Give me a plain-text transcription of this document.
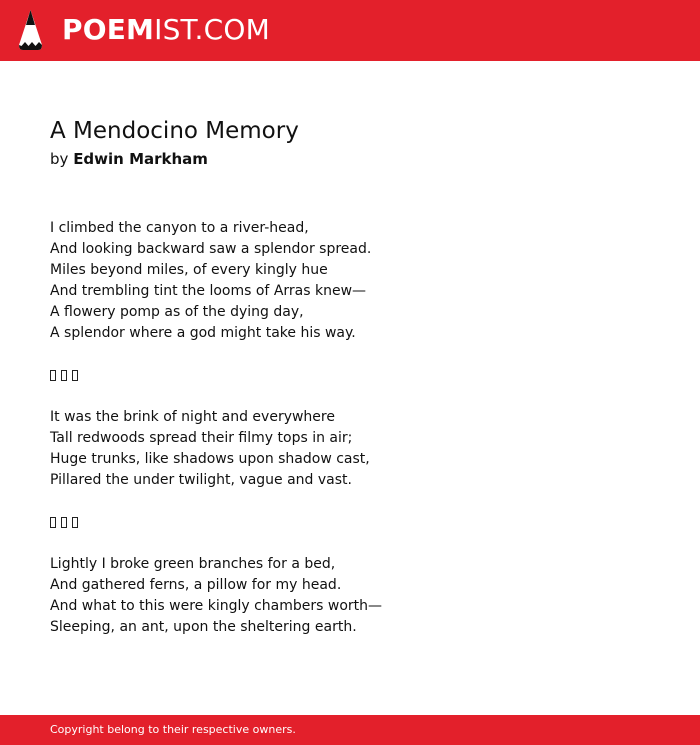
POEMIST.COM
A Mendocino Memory
by Edwin Markham
I climbed the canyon to a river-head,
And looking backward saw a splendor spread.
Miles beyond miles, of every kingly hue
And trembling tint the looms of Arras knew—
A flowery pomp as of the dying day,
A splendor where a god might take his way.
It was the brink of night and everywhere
Tall redwoods spread their filmy tops in air;
Huge trunks, like shadows upon shadow cast,
Pillared the under twilight, vague and vast.
Lightly I broke green branches for a bed,
And gathered ferns, a pillow for my head.
And what to this were kingly chambers worth—
Sleeping, an ant, upon the sheltering earth.
Copyright belong to their respective owners.
